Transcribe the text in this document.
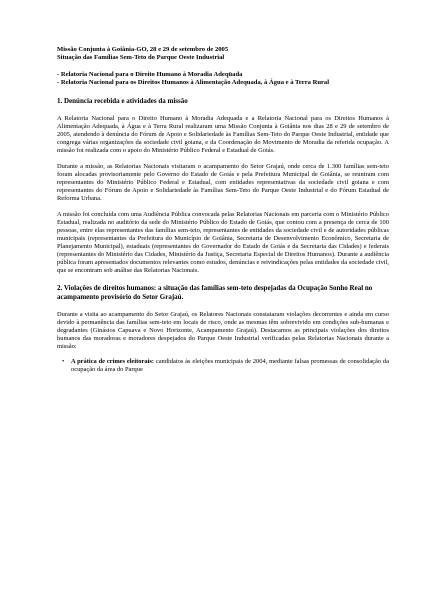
Missão Conjunta à Goiânia-GO, 28 e 29 de setembro de 2005

Situação das Famílias Sem-Teto do Parque Oeste Industrial

- Relatoria Nacional para o Direito Humano à Moradia Adeqüada

- Relatoria Nacional para os Direitos Humanos à Alimentação Adequada, à Água e à Terra Rural

1. Denúncia recebida e atividades da missão

A Relatoria Nacional para o Direito Humano à Moradia Adequada e a Relatoria Nacional para os Direitos Humanos à Alimentação Adequada, à Água e à Terra Rural realizaram uma Missão Conjunta à Goiânia nos dias 28 e 29 de setembro de 2005, atendendo à denúncia do Fórum de Apoio e Solidariedade às Famílias Sem-Teto do Parque Oeste Industrial, entidade que congrega várias organizações da sociedade civil goiana, e da Coordenação do Movimento de Moradia da referida ocupação. A missão foi realizada com o apoio do Ministério Público Federal e Estadual de Goiás.

Durante a missão, as Relatorias Nacionais visitaram o acampamento do Setor Grajaú, onde cerca de 1.300 famílias sem-teto foram alocadas provisoriamente pelo Governo do Estado de Goiás e pela Prefeitura Municipal de Goiânia, se reuniram com representantes do Ministério Público Federal e Estadual, com entidades representativas da sociedade civil goiana e com representantes do Fórum de Apoio e Solidariedade às Famílias Sem-Teto do Parque Oeste Industrial e do Fórum Estadual de Reforma Urbana.

A missão foi concluída com uma Audiência Pública convocada pelas Relatorias Nacionais em parceria com o Ministério Público Estadual, realizada no auditório da sede do Ministério Público do Estado de Goiás, que contou com a presença de cerca de 100 pessoas, entre elas representantes das famílias sem-teto, representantes de entidades da sociedade civil e de autoridades públicas municipais (representantes da Prefeitura do Município de Goiânia, Secretaria de Desenvolvimento Econômico, Secretaria de Planejamento Municipal), estaduais (representantes do Governador do Estado de Goiás e da Secretaria das Cidades) e federais (representantes do Ministério das Cidades, Ministério da Justiça, Secretaria Especial de Direitos Humanos). Durante a audiência pública foram apresentados documentos relevantes como estudos, denúncias e reivindicações pelas entidades da sociedade civil, que se encontram sob análise das Relatorias Nacionais.

2. Violações de direitos humanos: a situação das famílias sem-teto despejadas da Ocupação Sonho Real no acampamento provisório do Setor Grajaú.

Durante a visita ao acampamento do Setor Grajaú, os Relatores Nacionais constataram violações decorrentes e ainda em curso devido à permanência das famílias sem-teto em locais de risco, onde as mesmas têm sobrevivido em condições sub-humanas e degradantes (Ginásios Capuava e Novo Horizonte, Acampamento Grajaú). Destacamos as principais violações dos direitos humanos das moradoras e moradores despejados do Parque Oeste Industrial verificadas pelas Relatorias Nacionais durante a missão:

• A prática de crimes eleitorais: candidatos às eleições municipais de 2004, mediante falsas promessas de consolidação da ocupação da área do Parque
